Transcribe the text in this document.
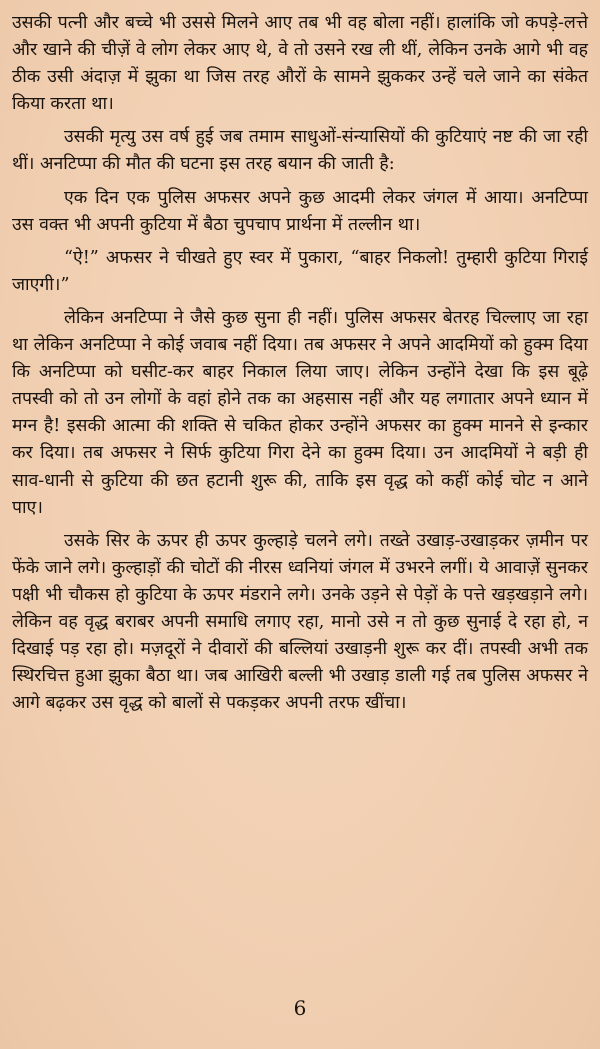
उसकी पत्नी और बच्चे भी उससे मिलने आए तब भी वह बोला नहीं। हालांकि जो कपड़े-लत्ते और खाने की चीज़ें वे लोग लेकर आए थे, वे तो उसने रख ली थीं, लेकिन उनके आगे भी वह ठीक उसी अंदाज़ में झुका था जिस तरह औरों के सामने झुककर उन्हें चले जाने का संकेत किया करता था।

उसकी मृत्यु उस वर्ष हुई जब तमाम साधुओं-संन्यासियों की कुटियाएं नष्ट की जा रही थीं। अनटिप्पा की मौत की घटना इस तरह बयान की जाती है:

एक दिन एक पुलिस अफसर अपने कुछ आदमी लेकर जंगल में आया। अनटिप्पा उस वक्त भी अपनी कुटिया में बैठा चुपचाप प्रार्थना में तल्लीन था।

“ऐ!” अफसर ने चीखते हुए स्वर में पुकारा, “बाहर निकलो! तुम्हारी कुटिया गिराई जाएगी।”

लेकिन अनटिप्पा ने जैसे कुछ सुना ही नहीं। पुलिस अफसर बेतरह चिल्लाए जा रहा था लेकिन अनटिप्पा ने कोई जवाब नहीं दिया। तब अफसर ने अपने आदमियों को हुक्म दिया कि अनटिप्पा को घसीट-कर बाहर निकाल लिया जाए। लेकिन उन्होंने देखा कि इस बूढ़े तपस्वी को तो उन लोगों के वहां होने तक का अहसास नहीं और यह लगातार अपने ध्यान में मग्न है! इसकी आत्मा की शक्ति से चकित होकर उन्होंने अफसर का हुक्म मानने से इन्कार कर दिया। तब अफसर ने सिर्फ कुटिया गिरा देने का हुक्म दिया। उन आदमियों ने बड़ी ही साव-धानी से कुटिया की छत हटानी शुरू की, ताकि इस वृद्ध को कहीं कोई चोट न आने पाए।

उसके सिर के ऊपर ही ऊपर कुल्हाड़े चलने लगे। तख्ते उखाड़-उखाड़कर ज़मीन पर फेंके जाने लगे। कुल्हाड़ों की चोटों की नीरस ध्वनियां जंगल में उभरने लगीं। ये आवाज़ें सुनकर पक्षी भी चौकस हो कुटिया के ऊपर मंडराने लगे। उनके उड़ने से पेड़ों के पत्ते खड़खड़ाने लगे। लेकिन वह वृद्ध बराबर अपनी समाधि लगाए रहा, मानो उसे न तो कुछ सुनाई दे रहा हो, न दिखाई पड़ रहा हो। मज़दूरों ने दीवारों की बल्लियां उखाड़नी शुरू कर दीं। तपस्वी अभी तक स्थिरचित्त हुआ झुका बैठा था। जब आखिरी बल्ली भी उखाड़ डाली गई तब पुलिस अफसर ने आगे बढ़कर उस वृद्ध को बालों से पकड़कर अपनी तरफ खींचा।

6
